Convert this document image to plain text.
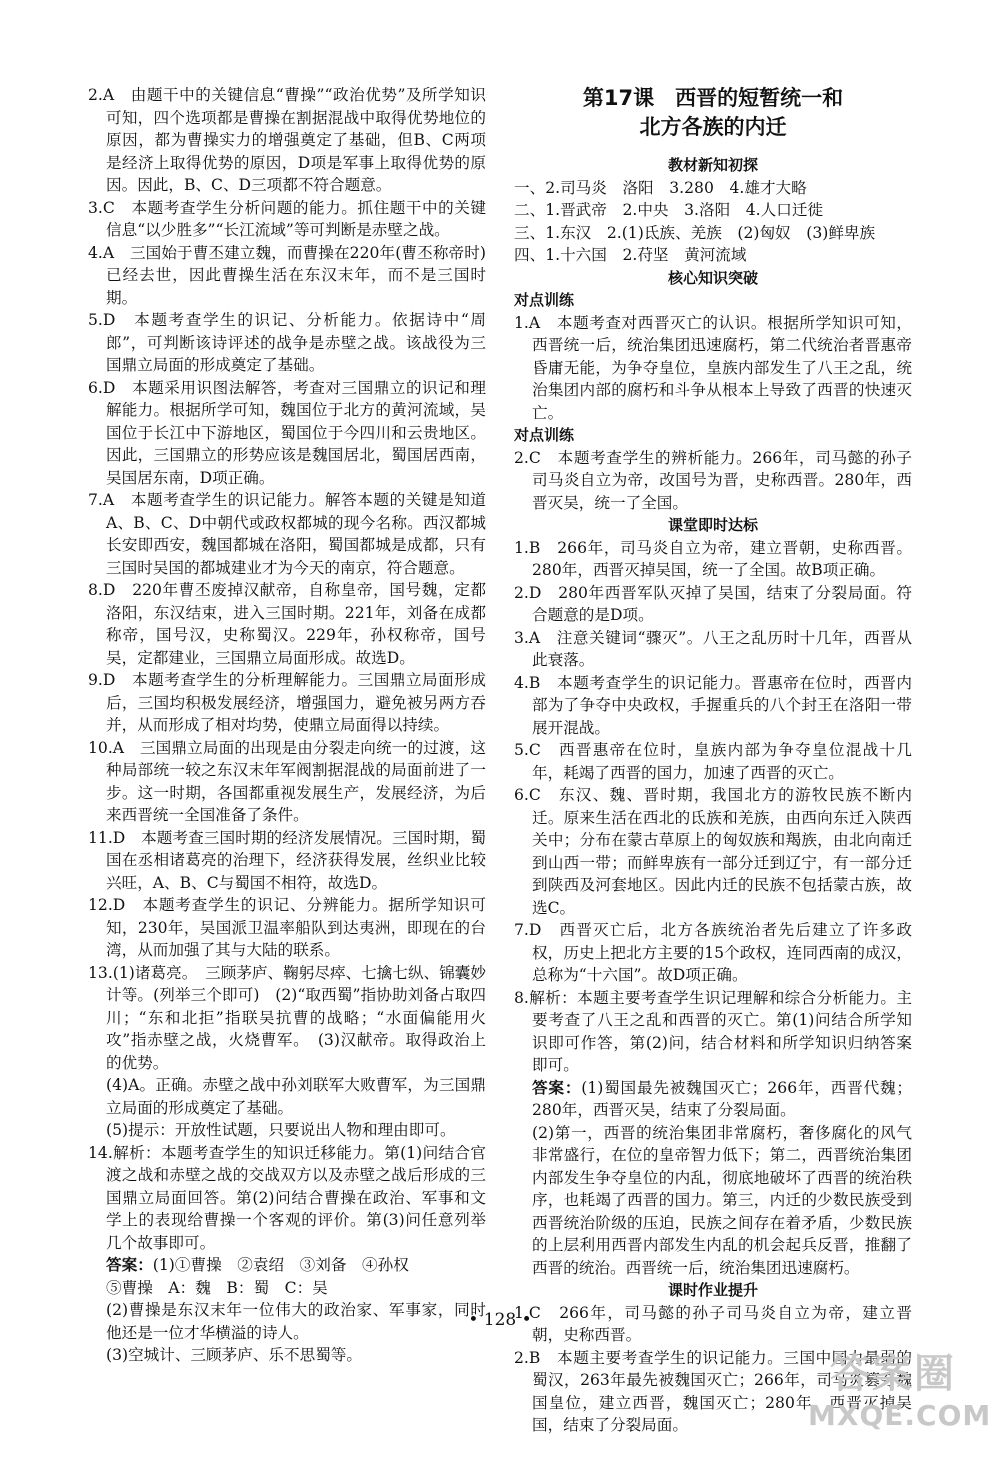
2.A　由题干中的关键信息“曹操”“政治优势”及所学知识可知，四个选项都是曹操在割据混战中取得优势地位的原因，都为曹操实力的增强奠定了基础，但B、C两项是经济上取得优势的原因，D项是军事上取得优势的原因。因此，B、C、D三项都不符合题意。

3.C　本题考查学生分析问题的能力。抓住题干中的关键信息“以少胜多”“长江流域”等可判断是赤壁之战。

4.A　三国始于曹丕建立魏，而曹操在220年(曹丕称帝时)已经去世，因此曹操生活在东汉末年，而不是三国时期。

5.D　本题考查学生的识记、分析能力。依据诗中“周郎”，可判断该诗评述的战争是赤壁之战。该战役为三国鼎立局面的形成奠定了基础。

6.D　本题采用识图法解答，考查对三国鼎立的识记和理解能力。根据所学可知，魏国位于北方的黄河流域，吴国位于长江中下游地区，蜀国位于今四川和云贵地区。因此，三国鼎立的形势应该是魏国居北，蜀国居西南，吴国居东南，D项正确。

7.A　本题考查学生的识记能力。解答本题的关键是知道A、B、C、D中朝代或政权都城的现今名称。西汉都城长安即西安，魏国都城在洛阳，蜀国都城是成都，只有三国时吴国的都城建业才为今天的南京，符合题意。

8.D　220年曹丕废掉汉献帝，自称皇帝，国号魏，定都洛阳，东汉结束，进入三国时期。221年，刘备在成都称帝，国号汉，史称蜀汉。229年，孙权称帝，国号吴，定都建业，三国鼎立局面形成。故选D。

9.D　本题考查学生的分析理解能力。三国鼎立局面形成后，三国均积极发展经济，增强国力，避免被另两方吞并，从而形成了相对均势，使鼎立局面得以持续。

10.A　三国鼎立局面的出现是由分裂走向统一的过渡，这种局部统一较之东汉末年军阀割据混战的局面前进了一步。这一时期，各国都重视发展生产，发展经济，为后来西晋统一全国准备了条件。

11.D　本题考查三国时期的经济发展情况。三国时期，蜀国在丞相诸葛亮的治理下，经济获得发展，丝织业比较兴旺，A、B、C与蜀国不相符，故选D。

12.D　本题考查学生的识记、分辨能力。据所学知识可知，230年，吴国派卫温率船队到达夷洲，即现在的台湾，从而加强了其与大陆的联系。

13.(1)诸葛亮。　三顾茅庐、鞠躬尽瘁、七擒七纵、锦囊妙计等。(列举三个即可)　(2)“取西蜀”指协助刘备占取四川；“东和北拒”指联吴抗曹的战略；“水面偏能用火攻”指赤壁之战，火烧曹军。　(3)汉献帝。取得政治上的优势。

(4)A。正确。赤壁之战中孙刘联军大败曹军，为三国鼎立局面的形成奠定了基础。

(5)提示：开放性试题，只要说出人物和理由即可。

14.解析：本题考查学生的知识迁移能力。第(1)问结合官渡之战和赤壁之战的交战双方以及赤壁之战后形成的三国鼎立局面回答。第(2)问结合曹操在政治、军事和文学上的表现给曹操一个客观的评价。第(3)问任意列举几个故事即可。

答案：(1)①曹操　②袁绍　③刘备　④孙权

⑤曹操　A：魏　B：蜀　C：吴

(2)曹操是东汉末年一位伟大的政治家、军事家，同时他还是一位才华横溢的诗人。

(3)空城计、三顾茅庐、乐不思蜀等。

第17课　西晋的短暂统一和
北方各族的内迁

教材新知初探

一、2.司马炎　洛阳　3.280　4.雄才大略

二、1.晋武帝　2.中央　3.洛阳　4.人口迁徙

三、1.东汉　2.(1)氐族、羌族　(2)匈奴　(3)鲜卑族

四、1.十六国　2.苻坚　黄河流域

核心知识突破

对点训练

1.A　本题考查对西晋灭亡的认识。根据所学知识可知，西晋统一后，统治集团迅速腐朽，第二代统治者晋惠帝昏庸无能，为争夺皇位，皇族内部发生了八王之乱，统治集团内部的腐朽和斗争从根本上导致了西晋的快速灭亡。

对点训练

2.C　本题考查学生的辨析能力。266年，司马懿的孙子司马炎自立为帝，改国号为晋，史称西晋。280年，西晋灭吴，统一了全国。

课堂即时达标

1.B　266年，司马炎自立为帝，建立晋朝，史称西晋。280年，西晋灭掉吴国，统一了全国。故B项正确。

2.D　280年西晋军队灭掉了吴国，结束了分裂局面。符合题意的是D项。

3.A　注意关键词“骤灭”。八王之乱历时十几年，西晋从此衰落。

4.B　本题考查学生的识记能力。晋惠帝在位时，西晋内部为了争夺中央政权，手握重兵的八个封王在洛阳一带展开混战。

5.C　西晋惠帝在位时，皇族内部为争夺皇位混战十几年，耗竭了西晋的国力，加速了西晋的灭亡。

6.C　东汉、魏、晋时期，我国北方的游牧民族不断内迁。原来生活在西北的氐族和羌族，由西向东迁入陕西关中；分布在蒙古草原上的匈奴族和羯族，由北向南迁到山西一带；而鲜卑族有一部分迁到辽宁，有一部分迁到陕西及河套地区。因此内迁的民族不包括蒙古族，故选C。

7.D　西晋灭亡后，北方各族统治者先后建立了许多政权，历史上把北方主要的15个政权，连同西南的成汉，总称为“十六国”。故D项正确。

8.解析：本题主要考查学生识记理解和综合分析能力。主要考查了八王之乱和西晋的灭亡。第(1)问结合所学知识即可作答，第(2)问，结合材料和所学知识归纳答案即可。

答案：(1)蜀国最先被魏国灭亡；266年，西晋代魏；280年，西晋灭吴，结束了分裂局面。

(2)第一，西晋的统治集团非常腐朽，奢侈腐化的风气非常盛行，在位的皇帝智力低下；第二，西晋统治集团内部发生争夺皇位的内乱，彻底地破坏了西晋的统治秩序，也耗竭了西晋的国力。第三，内迁的少数民族受到西晋统治阶级的压迫，民族之间存在着矛盾，少数民族的上层利用西晋内部发生内乱的机会起兵反晋，推翻了西晋的统治。西晋统一后，统治集团迅速腐朽。

课时作业提升

1.C　266年，司马懿的孙子司马炎自立为帝，建立晋朝，史称西晋。

2.B　本题主要考查学生的识记能力。三国中国力最弱的蜀汉，263年最先被魏国灭亡；266年，司马炎篡夺魏国皇位，建立西晋，魏国灭亡；280年，西晋灭掉吴国，结束了分裂局面。

• 128 •
答案圈
MXQE.COM
